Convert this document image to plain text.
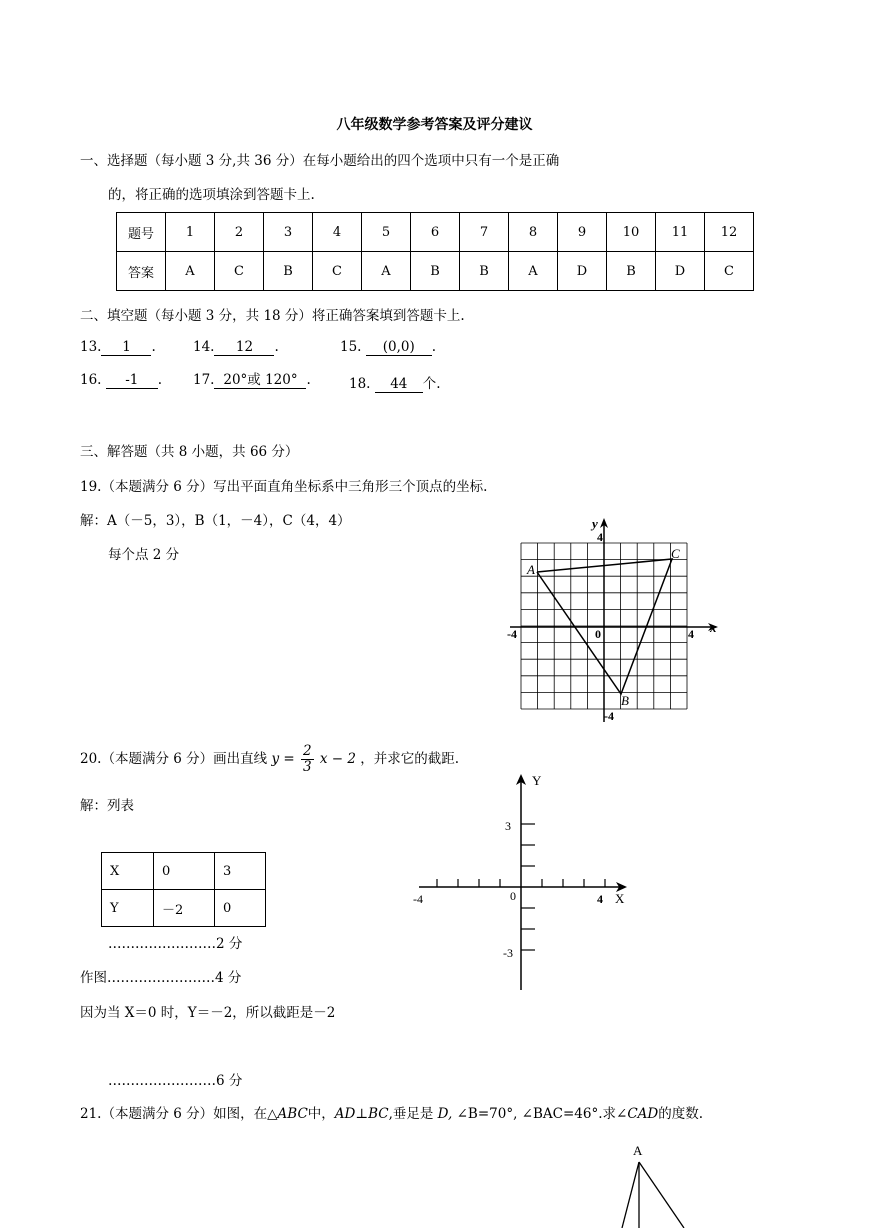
八年级数学参考答案及评分建议
一、选择题（每小题 3 分,共 36 分）在每小题给出的四个选项中只有一个是正确
的，将正确的选项填涂到答题卡上.
题号	1	2	3	4	5	6	7	8	9	10	11	12
答案	A	C	B	C	A	B	B	A	D	B	D	C
二、填空题（每小题 3 分，共 18 分）将正确答案填到答题卡上.
13. 1 .	14. 12 .	15. (0,0) .
16. -1 . 17. 20°或 120° .	18. 44 个.
三、解答题（共 8 小题，共 66 分）
19.（本题满分 6 分）写出平面直角坐标系中三角形三个顶点的坐标.
解：A（－5，3），B（1，－4），C（4，4）
每个点 2 分
y
x
4
-4
-4	4
0
A
B
C
20.（本题满分 6 分）画出直线 $y = \frac{2}{3}$ x − 2 ，并求它的截距.
解：列表
X	0	3
Y	－2	0
……………………2 分
作图……………………4 分
因为当 X＝0 时，Y＝－2，所以截距是－2
……………………6 分
Y
X
3
-3
-4	4
0
21.（本题满分 6 分）如图，在△ABC中，AD⊥BC,垂足是 D, ∠B=70°, ∠BAC=46°.求∠CAD的度数.
A
